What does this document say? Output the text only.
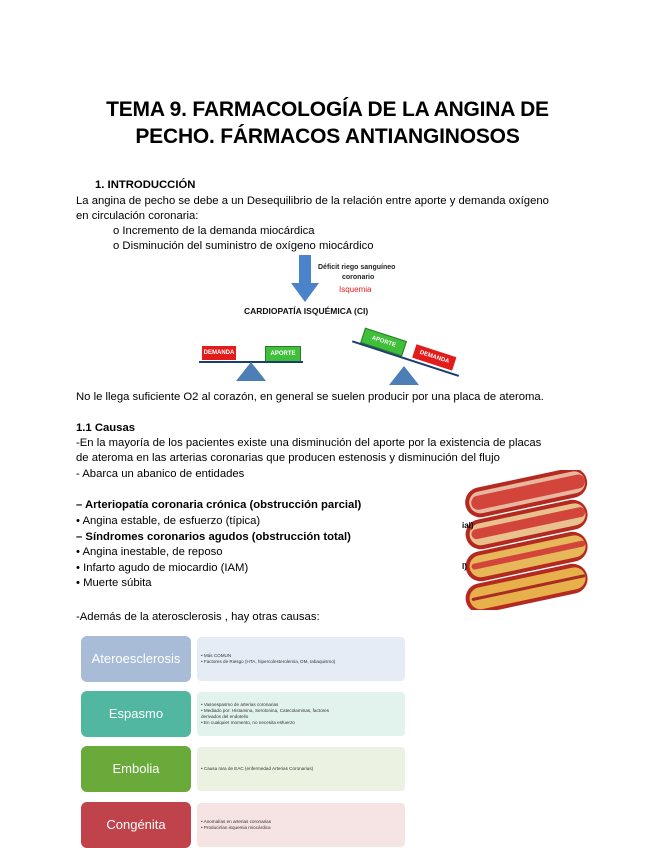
TEMA 9. FARMACOLOGÍA DE LA ANGINA DE
PECHO. FÁRMACOS ANTIANGINOSOS
1. INTRODUCCIÓN
La angina de pecho se debe a un Desequilibrio de la relación entre aporte y demanda oxígeno
en circulación coronaria:
o Incremento de la demanda miocárdica
o Disminución del suministro de oxígeno miocárdico
Déficit riego sanguíneo
coronario
Isquemia
CARDIOPATÍA ISQUÉMICA (CI)
DEMANDA	APORTE
APORTE
DEMANDA
No le llega suficiente O2 al corazón, en general se suelen producir por una placa de ateroma.
1.1 Causas
-En la mayoría de los pacientes existe una disminución del aporte por la existencia de placas
de ateroma en las arterias coronarias que producen estenosis y disminución del flujo
- Abarca un abanico de entidades
– Arteriopatía coronaria crónica (obstrucción parcial)
• Angina estable, de esfuerzo (típica)
– Síndromes coronarios agudos (obstrucción total)
• Angina inestable, de reposo
• Infarto agudo de miocardio (IAM)
• Muerte súbita
ial)
l)
-Además de la aterosclerosis , hay otras causas:
Ateroesclerosis	• Más COMUN
• Factores de Riesgo (HTA, hipercolesterolemia, DM, tabaquismo)
Espasmo
• Vasoespasmo de arterias coronarias
• Mediado por: Histamina, Serotonina, Catecolaminas, factores
derivados del endotelio
• En cualquier momento, no necesita esfuerzo
Embolia	• Causa rara de EAC (enfermedad Arterias Coronarias)
Congénita	• Anomalías en arterias coronarias
• Producirían isquemia miocárdica
